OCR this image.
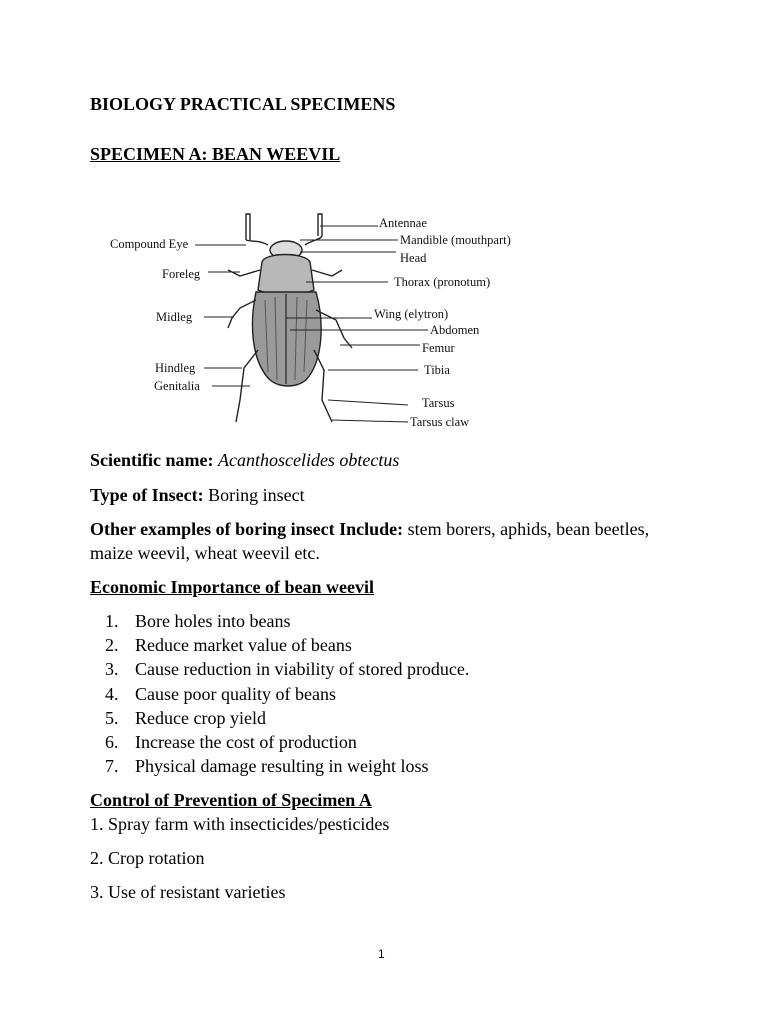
BIOLOGY PRACTICAL SPECIMENS
SPECIMEN A: BEAN WEEVIL
Compound Eye
Foreleg
Midleg
Hindleg
Genitalia
Antennae
Mandible (mouthpart)
Head
Thorax (pronotum)
Wing (elytron)
Abdomen
Femur
Tibia
Tarsus
Tarsus claw
Scientific name: Acanthoscelides obtectus
Type of Insect: Boring insect
Other examples of boring insect Include: stem borers, aphids, bean beetles, maize weevil, wheat weevil etc.
Economic Importance of bean weevil
1. Bore holes into beans
2. Reduce market value of beans
3. Cause reduction in viability of stored produce.
4. Cause poor quality of beans
5. Reduce crop yield
6. Increase the cost of production
7. Physical damage resulting in weight loss
Control of Prevention of Specimen A
1. Spray farm with insecticides/pesticides
2. Crop rotation
3. Use of resistant varieties
1
